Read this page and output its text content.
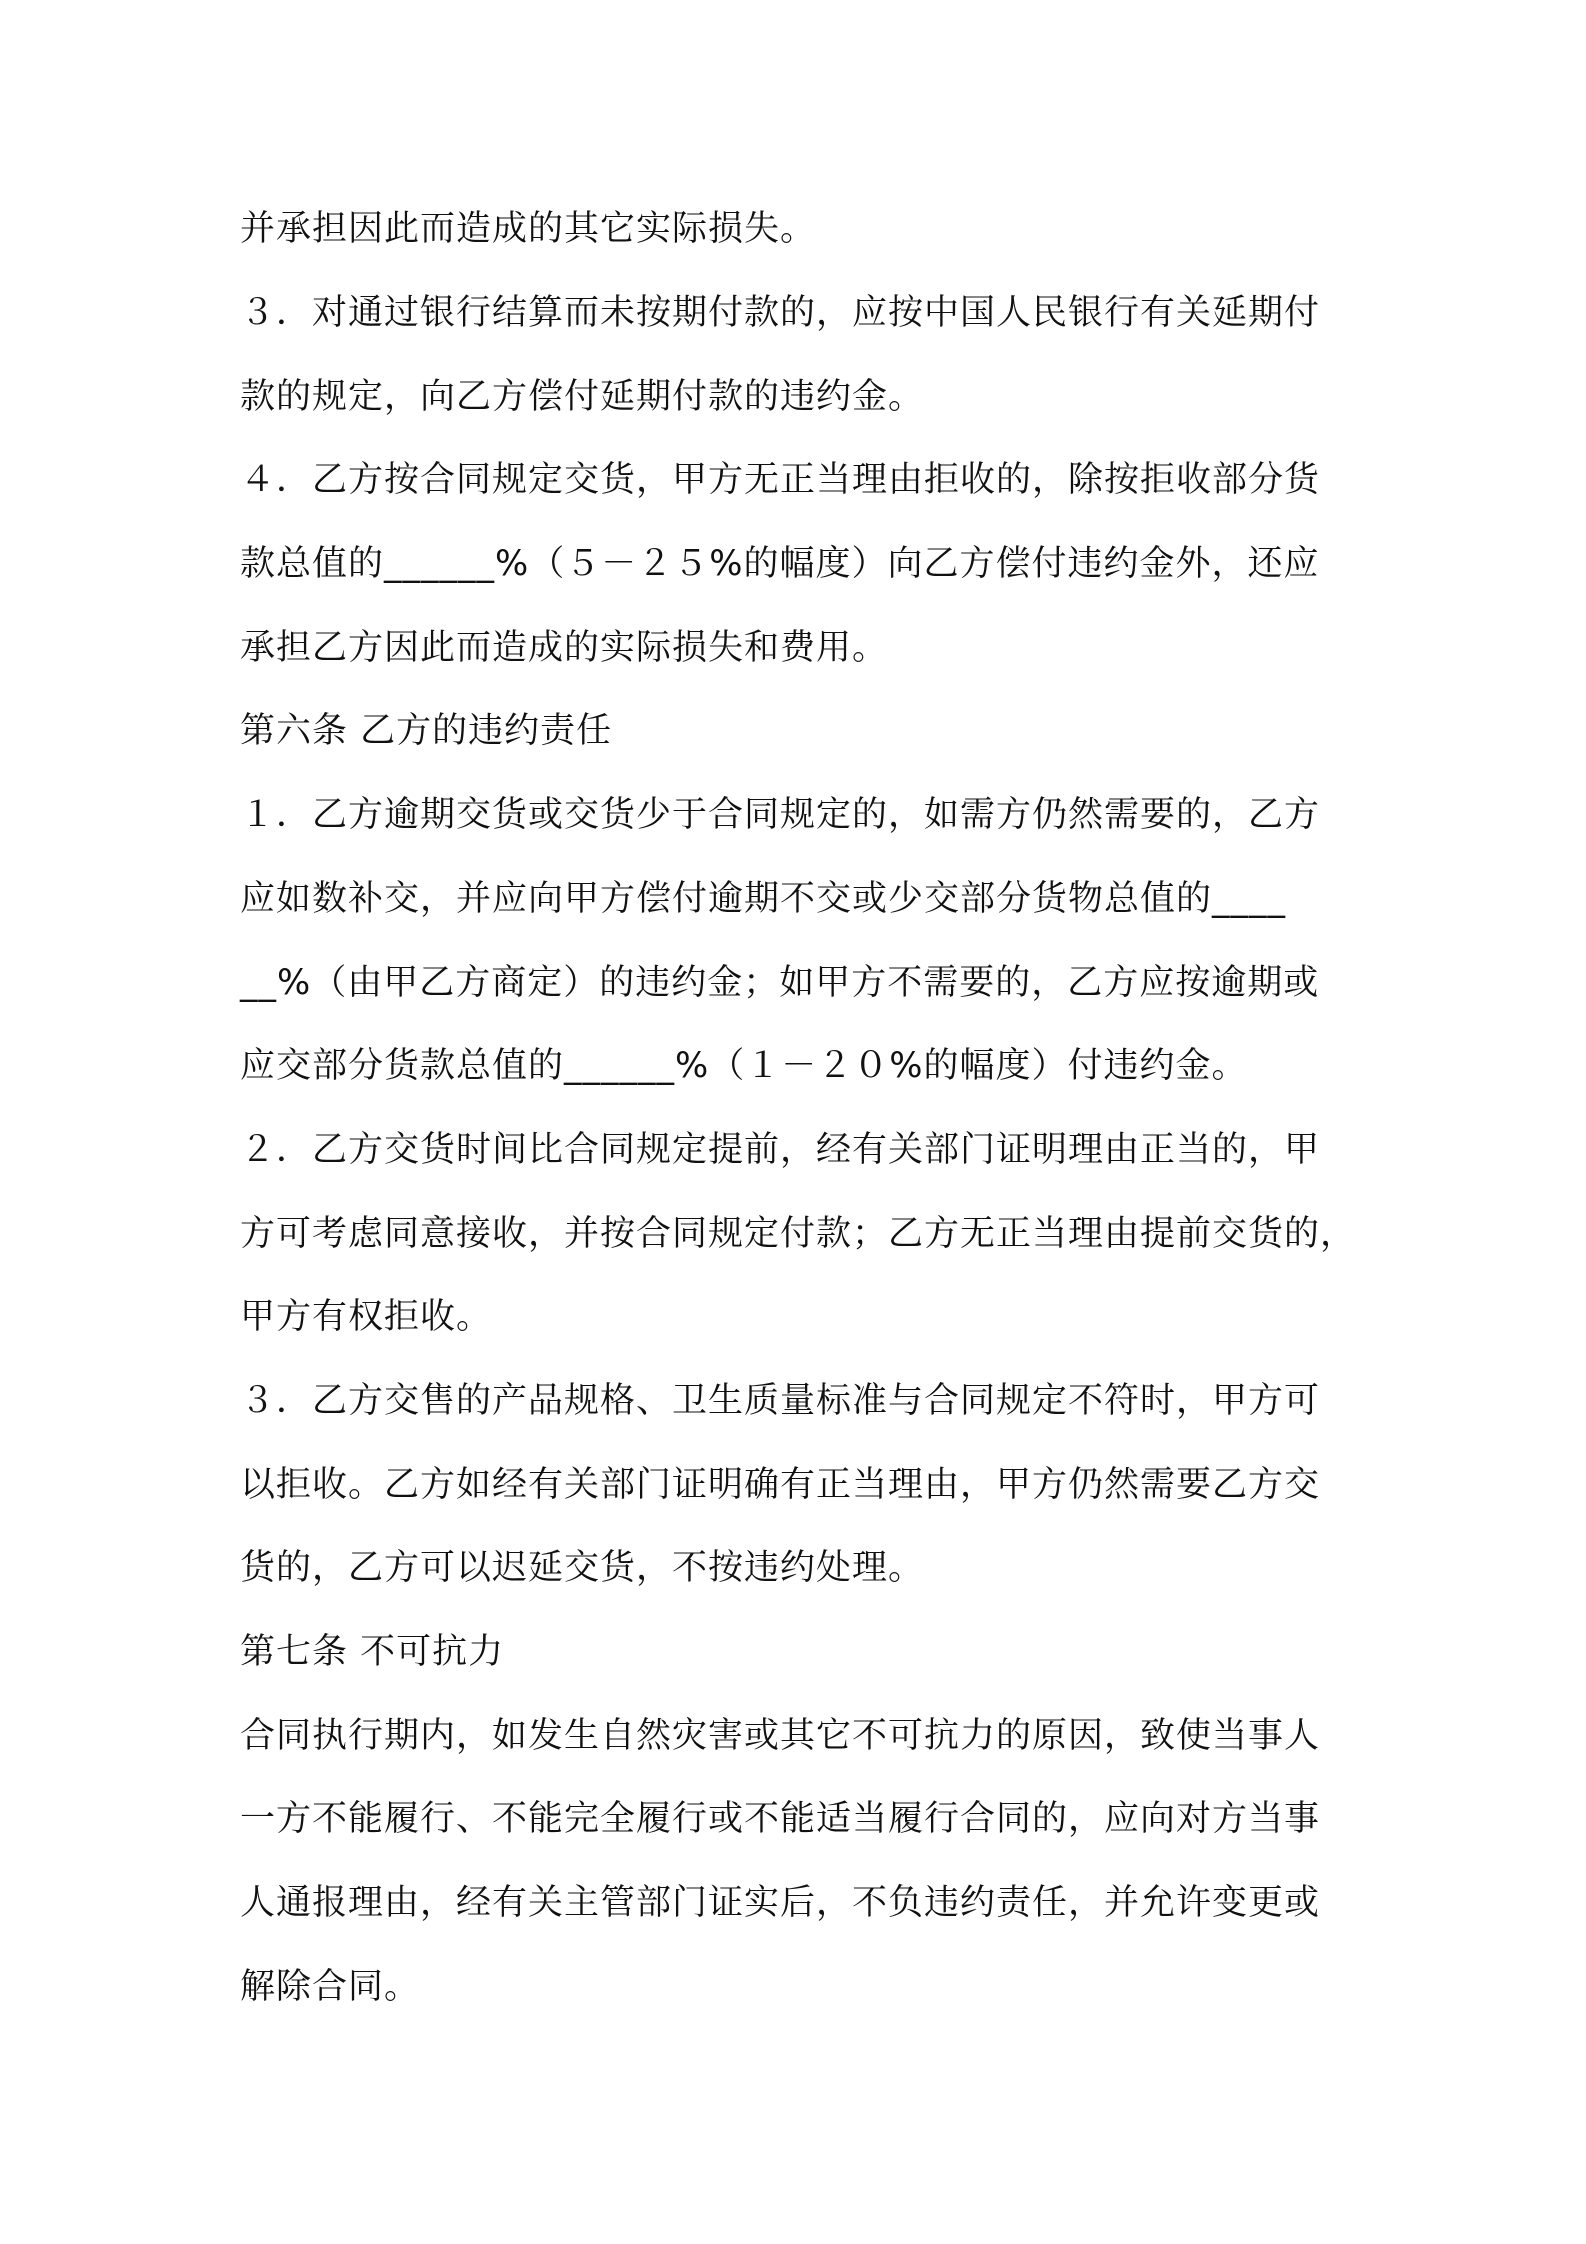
并承担因此而造成的其它实际损失。
３．对通过银行结算而未按期付款的，应按中国人民银行有关延期付
款的规定，向乙方偿付延期付款的违约金。
４．乙方按合同规定交货，甲方无正当理由拒收的，除按拒收部分货
款总值的______%（５－２５%的幅度）向乙方偿付违约金外，还应
承担乙方因此而造成的实际损失和费用。
第六条 乙方的违约责任
１．乙方逾期交货或交货少于合同规定的，如需方仍然需要的，乙方
应如数补交，并应向甲方偿付逾期不交或少交部分货物总值的____
__%（由甲乙方商定）的违约金；如甲方不需要的，乙方应按逾期或
应交部分货款总值的______%（１－２０%的幅度）付违约金。
２．乙方交货时间比合同规定提前，经有关部门证明理由正当的，甲
方可考虑同意接收，并按合同规定付款；乙方无正当理由提前交货的，
甲方有权拒收。
３．乙方交售的产品规格、卫生质量标准与合同规定不符时，甲方可
以拒收。乙方如经有关部门证明确有正当理由，甲方仍然需要乙方交
货的，乙方可以迟延交货，不按违约处理。
第七条 不可抗力
合同执行期内，如发生自然灾害或其它不可抗力的原因，致使当事人
一方不能履行、不能完全履行或不能适当履行合同的，应向对方当事
人通报理由，经有关主管部门证实后，不负违约责任，并允许变更或
解除合同。
